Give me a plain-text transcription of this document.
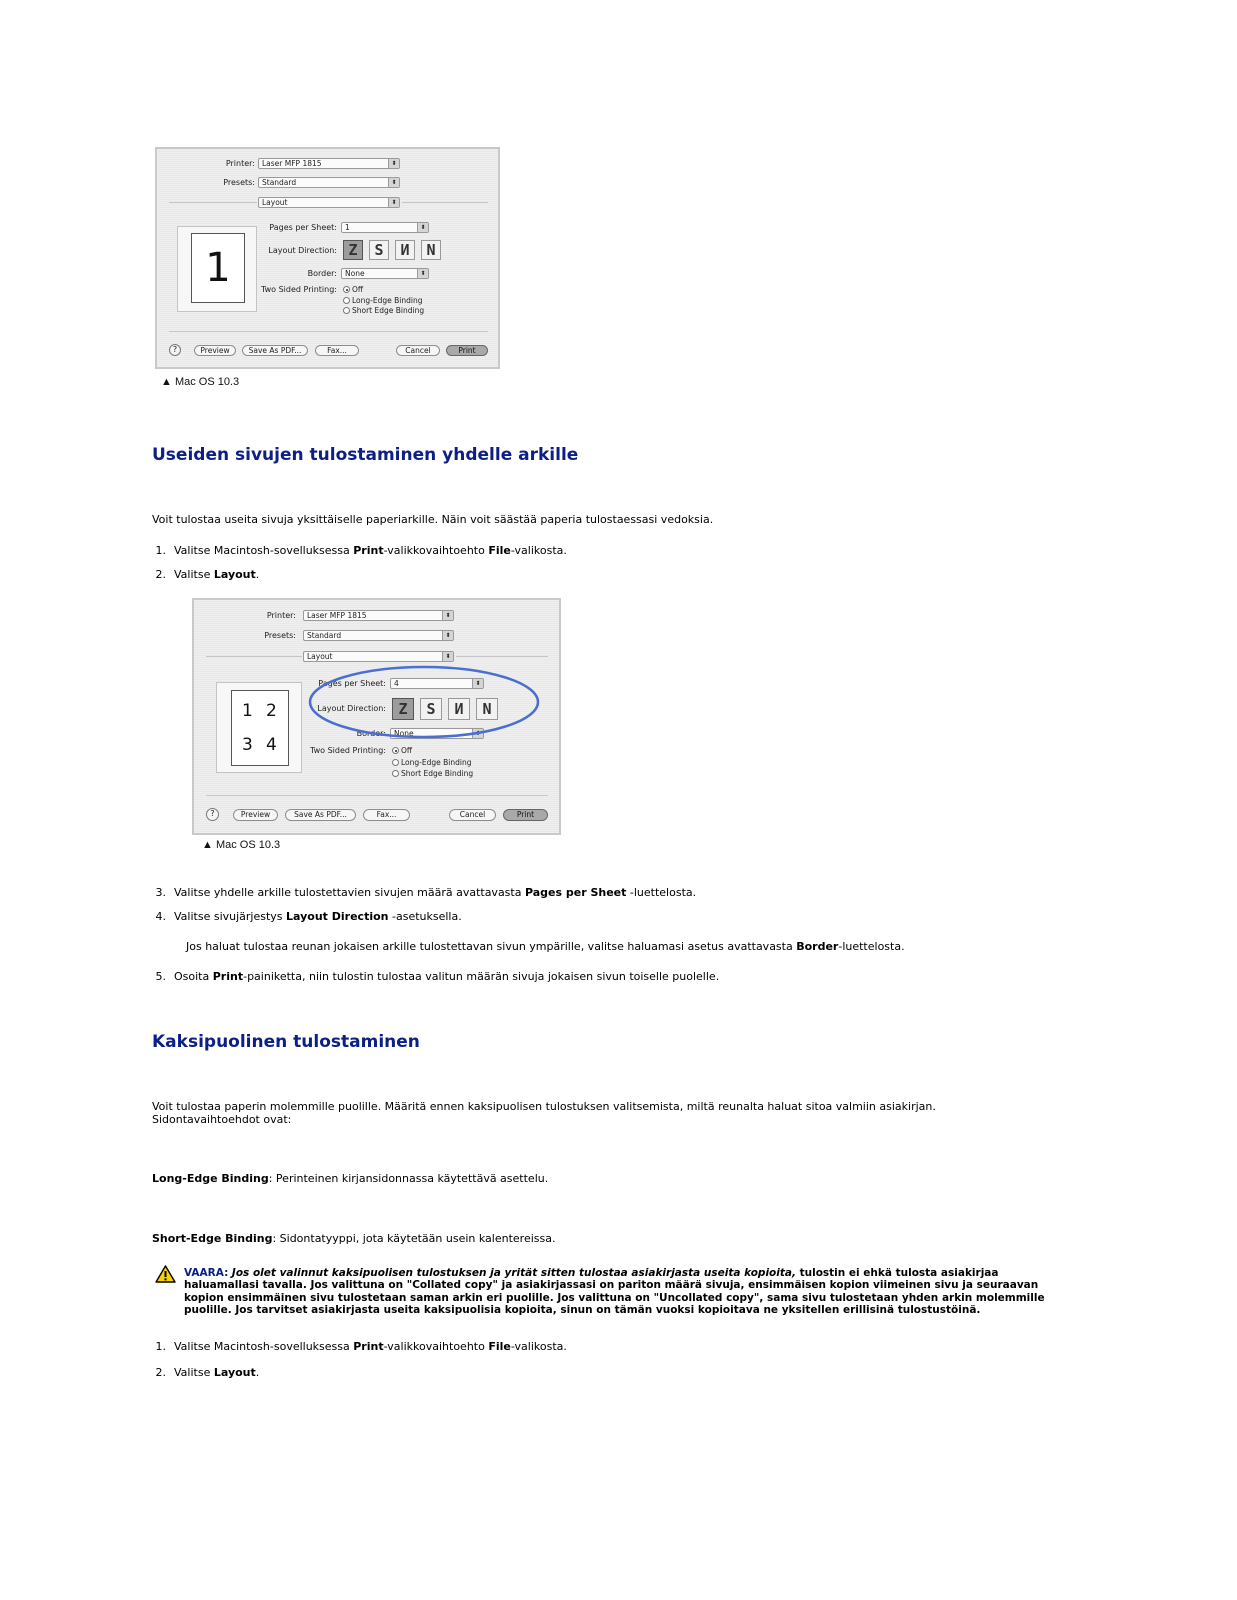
Printer: Laser MFP 1815	⬍
Presets: Standard	⬍
Layout	⬍
1
Pages per Sheet:	1	⬍
Layout Direction: Z	S	И	N
Border:	None	⬍
Two Sided Printing:	Off
Long-Edge Binding
Short Edge Binding
?	Preview	Save As PDF...	Fax...	Cancel	Print
▲ Mac OS 10.3
Useiden sivujen tulostaminen yhdelle arkille

Voit tulostaa useita sivuja yksittäiselle paperiarkille. Näin voit säästää paperia tulostaessasi vedoksia.

1. Valitse Macintosh-sovelluksessa Print-valikkovaihtoehto File-valikosta.
2. Valitse Layout.
Printer:	Laser MFP 1815	⬍
Presets:	Standard	⬍
Layout	⬍
1 2
3 4
Pages per Sheet:	4	⬍
Layout Direction: Z	S	И	N
Border:	None	⬍
Two Sided Printing:	Off
Long-Edge Binding
Short Edge Binding
?	Preview	Save As PDF...	Fax...	Cancel	Print
▲ Mac OS 10.3
3. Valitse yhdelle arkille tulostettavien sivujen määrä avattavasta Pages per Sheet -luettelosta.
4. Valitse sivujärjestys Layout Direction -asetuksella.
Jos haluat tulostaa reunan jokaisen arkille tulostettavan sivun ympärille, valitse haluamasi asetus avattavasta Border-luettelosta.
5. Osoita Print-painiketta, niin tulostin tulostaa valitun määrän sivuja jokaisen sivun toiselle puolelle.
Kaksipuolinen tulostaminen

Voit tulostaa paperin molemmille puolille. Määritä ennen kaksipuolisen tulostuksen valitsemista, miltä reunalta haluat sitoa valmiin asiakirjan. Sidontavaihtoehdot ovat:

Long-Edge Binding: Perinteinen kirjansidonnassa käytettävä asettelu.
Short-Edge Binding: Sidontatyyppi, jota käytetään usein kalentereissa.
VAARA: Jos olet valinnut kaksipuolisen tulostuksen ja yrität sitten tulostaa asiakirjasta useita kopioita, tulostin ei ehkä tulosta asiakirjaa haluamallasi tavalla. Jos valittuna on "Collated copy" ja asiakirjassasi on pariton määrä sivuja, ensimmäisen kopion viimeinen sivu ja seuraavan kopion ensimmäinen sivu tulostetaan saman arkin eri puolille. Jos valittuna on "Uncollated copy", sama sivu tulostetaan yhden arkin molemmille puolille. Jos tarvitset asiakirjasta useita kaksipuolisia kopioita, sinun on tämän vuoksi kopioitava ne yksitellen erillisinä tulostustöinä.
1. Valitse Macintosh-sovelluksessa Print-valikkovaihtoehto File-valikosta.
2. Valitse Layout.
